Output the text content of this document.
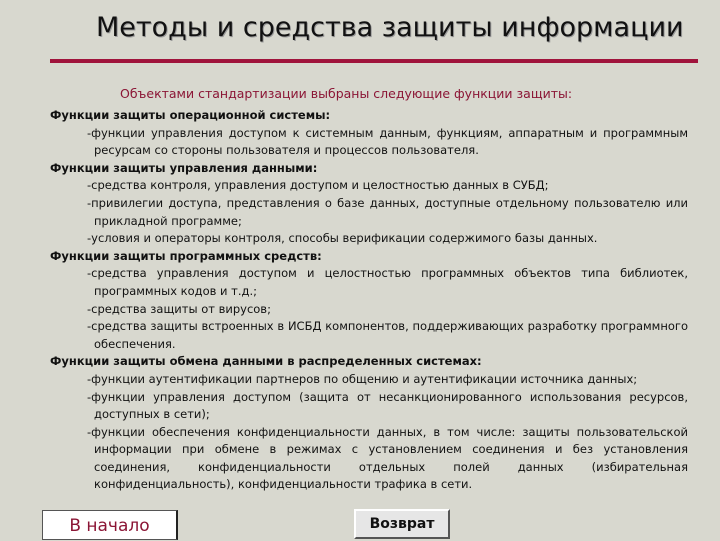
Методы и средства защиты информации
Объектами стандартизации выбраны следующие функции защиты:
Функции защиты операционной системы:
-функции управления доступом к системным данным, функциям, аппаратным и программным ресурсам со стороны пользователя и процессов пользователя.
Функции защиты управления данными:
-средства контроля, управления доступом и целостностью данных в СУБД;
-привилегии доступа, представления о базе данных, доступные отдельному пользователю или прикладной программе;
-условия и операторы контроля, способы верификации содержимого базы данных.
Функции защиты программных средств:
-средства управления доступом и целостностью программных объектов типа библиотек, программных кодов и т.д.;
-средства защиты от вирусов;
-средства защиты встроенных в ИСБД компонентов, поддерживающих разработку программного обеспечения.
Функции защиты обмена данными в распределенных системах:
-функции аутентификации партнеров по общению и аутентификации источника данных;
-функции управления доступом (защита от несанкционированного использования ресурсов, доступных в сети);
-функции обеспечения конфиденциальности данных, в том числе: защиты пользовательской информации при обмене в режимах с установлением соединения и без установления соединения, конфиденциальности отдельных полей данных (избирательная конфиденциальность), конфиденциальности трафика в сети.
В начало	Возврат
